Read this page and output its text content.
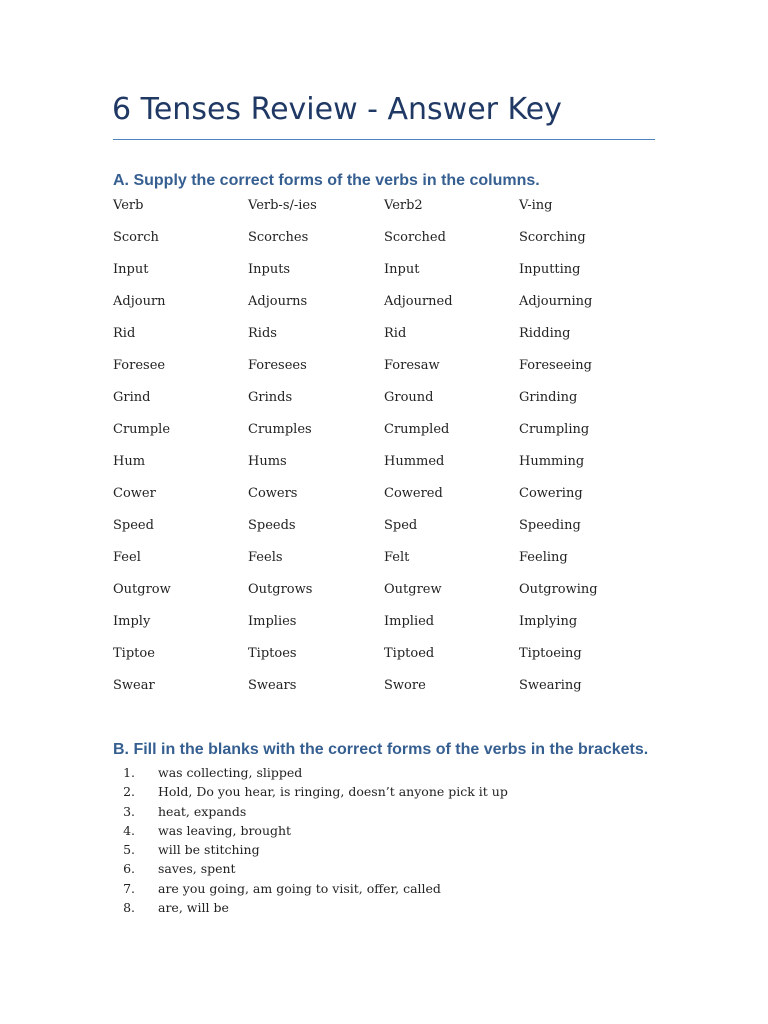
6 Tenses Review - Answer Key
A. Supply the correct forms of the verbs in the columns.
Verb	Verb-s/-ies	Verb2	V-ing
Scorch	Scorches	Scorched	Scorching
Input	Inputs	Input	Inputting
Adjourn	Adjourns	Adjourned	Adjourning
Rid	Rids	Rid	Ridding
Foresee	Foresees	Foresaw	Foreseeing
Grind	Grinds	Ground	Grinding
Crumple	Crumples	Crumpled	Crumpling
Hum	Hums	Hummed	Humming
Cower	Cowers	Cowered	Cowering
Speed	Speeds	Sped	Speeding
Feel	Feels	Felt	Feeling
Outgrow	Outgrows	Outgrew	Outgrowing
Imply	Implies	Implied	Implying
Tiptoe	Tiptoes	Tiptoed	Tiptoeing
Swear	Swears	Swore	Swearing
B. Fill in the blanks with the correct forms of the verbs in the brackets.
1. was collecting, slipped
2. Hold, Do you hear, is ringing, doesn’t anyone pick it up
3. heat, expands
4. was leaving, brought
5. will be stitching
6. saves, spent
7. are you going, am going to visit, offer, called
8. are, will be
